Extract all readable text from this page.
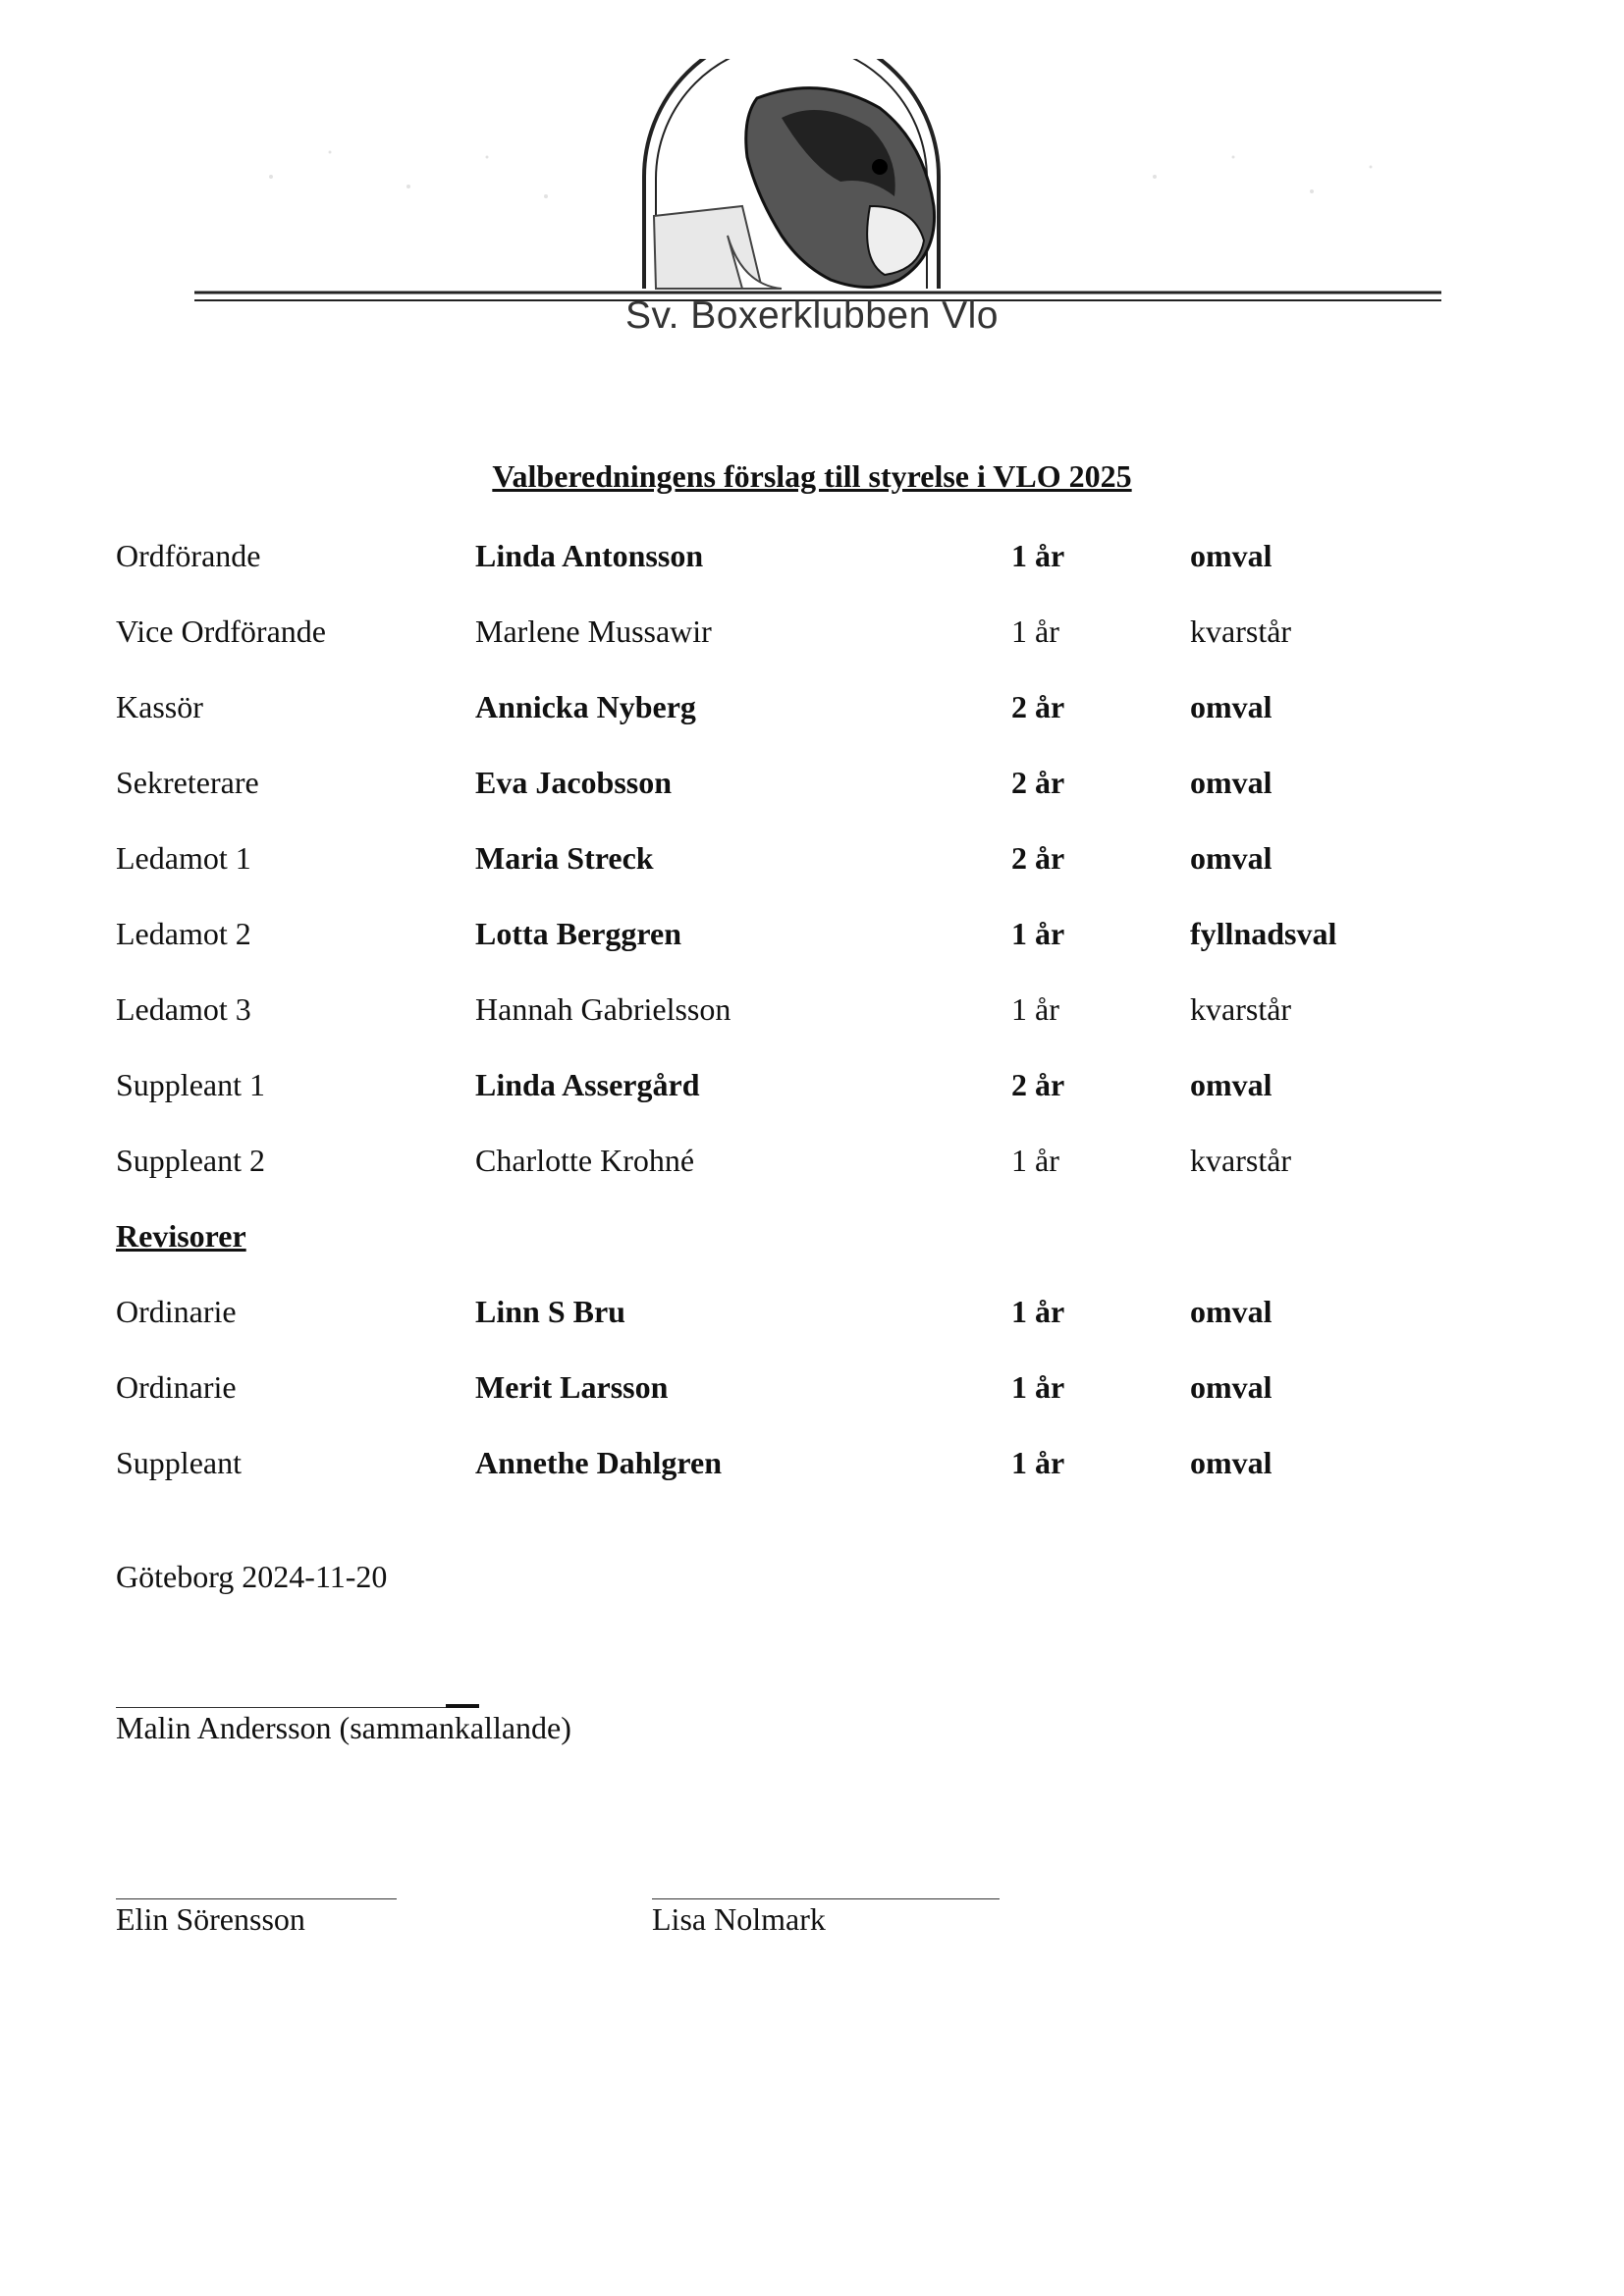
Sv. Boxerklubben Vlo
Valberedningens förslag till styrelse i VLO 2025
Ordförande	Linda Antonsson	1 år	omval
Vice Ordförande	Marlene Mussawir	1 år	kvarstår
Kassör	Annicka Nyberg	2 år	omval
Sekreterare	Eva Jacobsson	2 år	omval
Ledamot 1	Maria Streck	2 år	omval
Ledamot 2	Lotta Berggren	1 år	fyllnadsval
Ledamot 3	Hannah Gabrielsson	1 år	kvarstår
Suppleant 1	Linda Assergård	2 år	omval
Suppleant 2	Charlotte Krohné	1 år	kvarstår
Revisorer
Ordinarie	Linn S Bru	1 år	omval
Ordinarie	Merit Larsson	1 år	omval
Suppleant	Annethe Dahlgren	1 år	omval
Göteborg 2024-11-20
Malin Andersson (sammankallande)
Elin Sörensson	Lisa Nolmark
